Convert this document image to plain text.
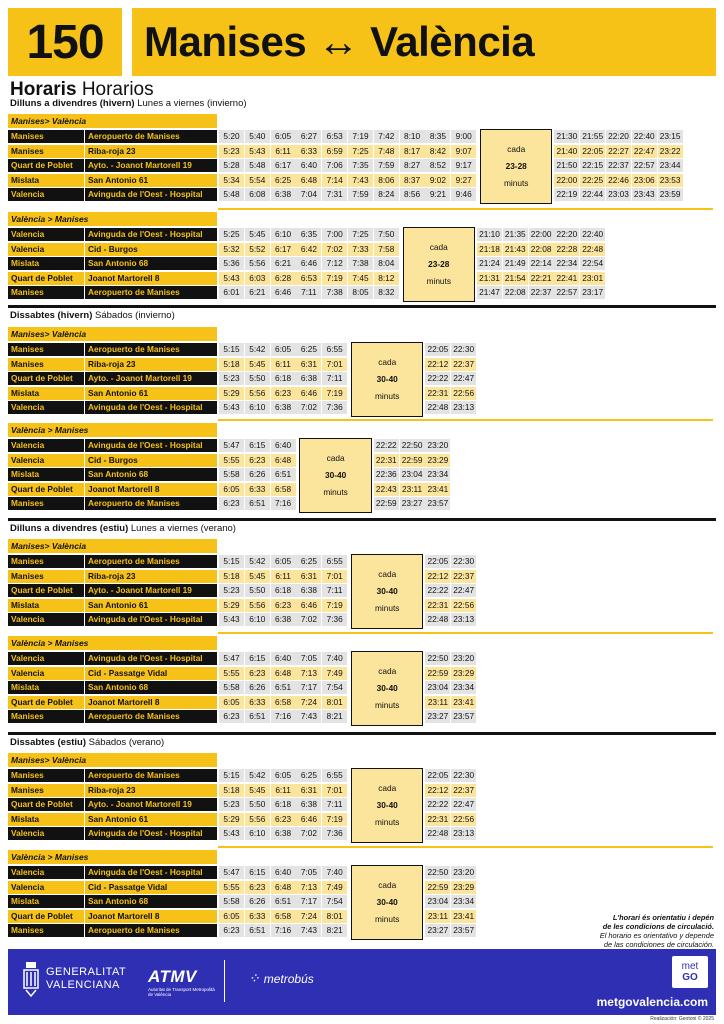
150 Manises ↔ València
Horaris Horarios
Dilluns a divendres (hivern) Lunes a viernes (invierno)
Manises> València
Manises	Aeropuerto de Manises	5:20	5:40	6:05	6:27	6:53	7:19	7:42	8:10	8:35	9:00	21:30 21:55 22:20 22:40 23:15
Manises	Riba-roja 23	5:23	5:43	6:11	6:33	6:59	7:25	7:48	8:17	8:42	9:07	21:40 22:05 22:27 22:47 23:22
Quart de Poblet	Ayto. - Joanot Martorell 19	5:28	5:48	6:17	6:40	7:06	7:35	7:59	8:27	8:52	9:17	21:50 22:15 22:37 22:57 23:44
Mislata	San Antonio 61	5:34	5:54	6:25	6:48	7:14	7:43	8:06	8:37	9:02	9:27	22:00 22:25 22:46 23:06 23:53
Valencia	Avinguda de l'Oest - Hospital	5:48	6:08	6:38	7:04	7:31	7:59	8:24	8:56	9:21	9:46	22:19 22:44 23:03 23:43 23:59
cada
23-28
minuts
València > Manises
Valencia	Avinguda de l'Oest - Hospital	5:25	5:45	6:10	6:35	7:00	7:25	7:50	21:10 21:35 22:00 22:20 22:40
Valencia	Cid - Burgos	5:32	5:52	6:17	6:42	7:02	7:33	7:58	21:18 21:43 22:08 22:28 22:48
Mislata	San Antonio 68	5:36	5:56	6:21	6:46	7:12	7:38	8:04	21:24 21:49 22:14 22:34 22:54
Quart de Poblet	Joanot Martorell 8	5:43	6:03	6:28	6:53	7:19	7:45	8:12	21:31 21:54 22:21 22:41 23:01
Manises	Aeropuerto de Manises	6:01	6:21	6:46	7:11	7:38	8:05	8:32	21:47 22:08 22:37 22:57 23:17
cada
23-28
minuts
Dissabtes (hivern) Sábados (invierno)
Manises> València
Manises	Aeropuerto de Manises	5:15	5:42	6:05	6:25	6:55	22:05 22:30
Manises	Riba-roja 23	5:18	5:45	6:11	6:31	7:01	22:12 22:37
Quart de Poblet	Ayto. - Joanot Martorell 19	5:23	5:50	6:18	6:38	7:11	22:22 22:47
Mislata	San Antonio 61	5:29	5:56	6:23	6:46	7:19	22:31 22:56
Valencia	Avinguda de l'Oest - Hospital	5:43	6:10	6:38	7:02	7:36	22:48 23:13
cada
30-40
minuts
València > Manises
Valencia	Avinguda de l'Oest - Hospital	5:47	6:15	6:40	22:22 22:50 23:20
Valencia	Cid - Burgos	5:55	6:23	6:48	22:31 22:59 23:29
Mislata	San Antonio 68	5:58	6:26	6:51	22:36 23:04 23:34
Quart de Poblet	Joanot Martorell 8	6:05	6:33	6:58	22:43 23:11 23:41
Manises	Aeropuerto de Manises	6:23	6:51	7:16	22:59 23:27 23:57
cada
30-40
minuts
Dilluns a divendres (estiu) Lunes a viernes (verano)
Manises> València
Manises	Aeropuerto de Manises	5:15	5:42	6:05	6:25	6:55	22:05 22:30
Manises	Riba-roja 23	5:18	5:45	6:11	6:31	7:01	22:12 22:37
Quart de Poblet	Ayto. - Joanot Martorell 19	5:23	5:50	6:18	6:38	7:11	22:22 22:47
Mislata	San Antonio 61	5:29	5:56	6:23	6:46	7:19	22:31 22:56
Valencia	Avinguda de l'Oest - Hospital	5:43	6:10	6:38	7:02	7:36	22:48 23:13
cada
30-40
minuts
València > Manises
Valencia	Avinguda de l'Oest - Hospital	5:47	6:15	6:40	7:05	7:40	22:50 23:20
Valencia	Cid - Passatge Vidal	5:55	6:23	6:48	7:13	7:49	22:59 23:29
Mislata	San Antonio 68	5:58	6:26	6:51	7:17	7:54	23:04 23:34
Quart de Poblet	Joanot Martorell 8	6:05	6:33	6:58	7:24	8:01	23:11 23:41
Manises	Aeropuerto de Manises	6:23	6:51	7:16	7:43	8:21	23:27 23:57
cada
30-40
minuts
Dissabtes (estiu) Sábados (verano)
Manises> València
Manises	Aeropuerto de Manises	5:15	5:42	6:05	6:25	6:55	22:05 22:30
Manises	Riba-roja 23	5:18	5:45	6:11	6:31	7:01	22:12 22:37
Quart de Poblet	Ayto. - Joanot Martorell 19	5:23	5:50	6:18	6:38	7:11	22:22 22:47
Mislata	San Antonio 61	5:29	5:56	6:23	6:46	7:19	22:31 22:56
Valencia	Avinguda de l'Oest - Hospital	5:43	6:10	6:38	7:02	7:36	22:48 23:13
cada
30-40
minuts
València > Manises
Valencia	Avinguda de l'Oest - Hospital	5:47	6:15	6:40	7:05	7:40	22:50 23:20
Valencia	Cid - Passatge Vidal	5:55	6:23	6:48	7:13	7:49	22:59 23:29
Mislata	San Antonio 68	5:58	6:26	6:51	7:17	7:54	23:04 23:34
Quart de Poblet	Joanot Martorell 8	6:05	6:33	6:58	7:24	8:01	23:11 23:41
Manises	Aeropuerto de Manises	6:23	6:51	7:16	7:43	8:21	23:27 23:57
cada
30-40
minuts	L'horari és orientatiu i depén
de les condicions de circulació.
El horario es orientativo y depende
de las condiciones de circulación.
GENERALITAT
VALENCIANA	ATMV
Autoritat de Transport Metropolità de València
⁘ metrobús
met
GO
metgovalencia.com
Realización: Geotoni © 2025
